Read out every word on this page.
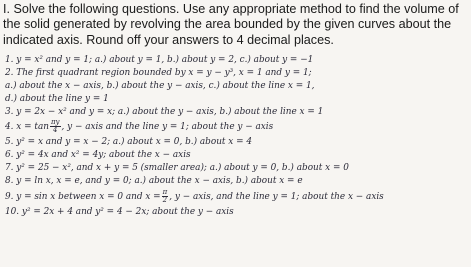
I. Solve the following questions. Use any appropriate method to find the volume of the solid generated by revolving the area bounded by the given curves about the indicated axis. Round off your answers to 4 decimal places.
1. y = x² and y = 1; a.) about y = 1, b.) about y = 2, c.) about y = −1
2. The first quadrant region bounded by x = y − y³, x = 1 and y = 1;
a.) about the x − axis, b.) about the y − axis, c.) about the line x = 1,
d.) about the line y = 1
3. y = 2x − x² and y = x; a.) about the y − axis, b.) about the line x = 1
4. $x = \tan \frac{\pi y}{4}$ , y − axis and the line y = 1; about the y − axis
5. y² = x and y = x − 2; a.) about x = 0, b.) about x = 4
6. y² = 4x and x² = 4y; about the x − axis
7. y² = 25 − x², and x + y = 5 (smaller area); a.) about y = 0, b.) about x = 0
8. y = ln x, x = e, and y = 0; a.) about the x − axis, b.) about x = e
9. y = sin x between x = 0 and $x = \frac{\pi}{2}$ , y − axis, and the line y = 1; about the x − axis
10. y² = 2x + 4 and y² = 4 − 2x; about the y − axis
